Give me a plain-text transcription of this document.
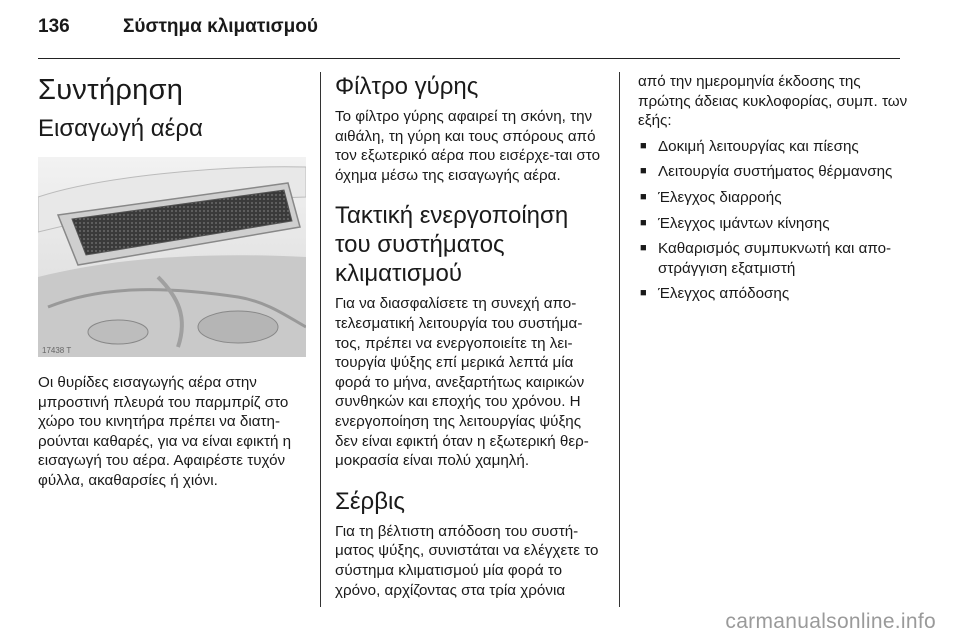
136	Σύστημα κλιματισμού
Συντήρηση
Εισαγωγή αέρα
17438 T

Οι θυρίδες εισαγωγής αέρα στην μπροστινή πλευρά του παρμπρίζ στο χώρο του κινητήρα πρέπει να διατη-ρούνται καθαρές, για να είναι εφικτή η εισαγωγή του αέρα. Αφαιρέστε τυχόν φύλλα, ακαθαρσίες ή χιόνι.

Φίλτρο γύρης

Το φίλτρο γύρης αφαιρεί τη σκόνη, την αιθάλη, τη γύρη και τους σπόρους από τον εξωτερικό αέρα που εισέρχε-ται στο όχημα μέσω της εισαγωγής αέρα.

Τακτική ενεργοποίηση του συστήματος κλιματισμού

Για να διασφαλίσετε τη συνεχή απο-τελεσματική λειτουργία του συστήμα-τος, πρέπει να ενεργοποιείτε τη λει-τουργία ψύξης επί μερικά λεπτά μία φορά το μήνα, ανεξαρτήτως καιρικών συνθηκών και εποχής του χρόνου. Η ενεργοποίηση της λειτουργίας ψύξης δεν είναι εφικτή όταν η εξωτερική θερ-μοκρασία είναι πολύ χαμηλή.

Σέρβις

Για τη βέλτιστη απόδοση του συστή-ματος ψύξης, συνιστάται να ελέγχετε το σύστημα κλιματισμού μία φορά το χρόνο, αρχίζοντας στα τρία χρόνια

από την ημερομηνία έκδοσης της πρώτης άδειας κυκλοφορίας, συμπ. των εξής:

■ Δοκιμή λειτουργίας και πίεσης
■ Λειτουργία συστήματος θέρμανσης
■ Έλεγχος διαρροής
■ Έλεγχος ιμάντων κίνησης
■ Καθαρισμός συμπυκνωτή και απο-στράγγιση εξατμιστή
■ Έλεγχος απόδοσης
carmanualsonline.info
